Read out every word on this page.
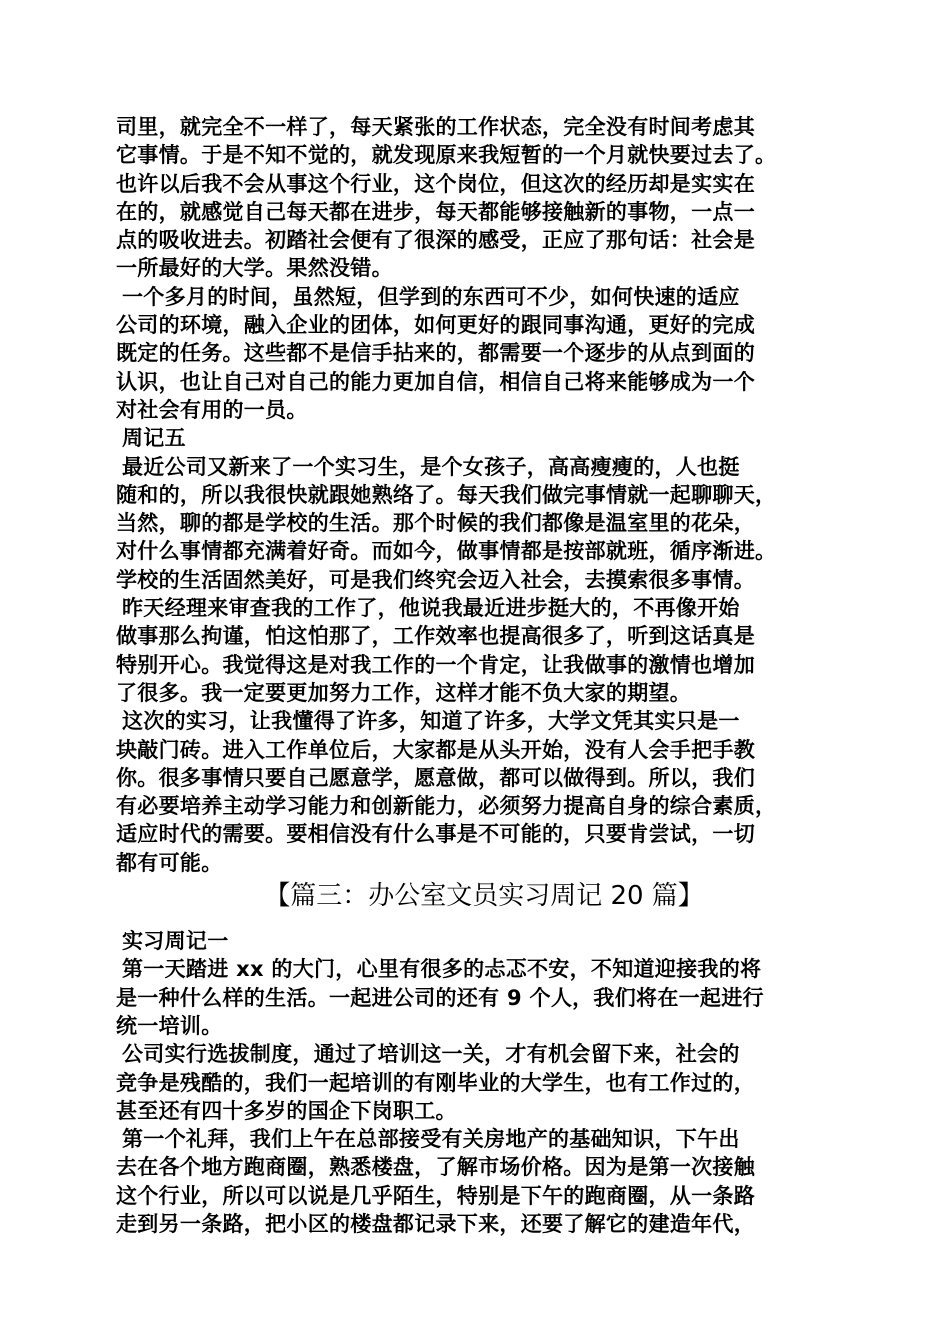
司里，就完全不一样了，每天紧张的工作状态，完全没有时间考虑其
它事情。于是不知不觉的，就发现原来我短暂的一个月就快要过去了。
也许以后我不会从事这个行业，这个岗位，但这次的经历却是实实在
在的，就感觉自己每天都在进步，每天都能够接触新的事物，一点一
点的吸收进去。初踏社会便有了很深的感受，正应了那句话：社会是
一所最好的大学。果然没错。
一个多月的时间，虽然短，但学到的东西可不少，如何快速的适应
公司的环境，融入企业的团体，如何更好的跟同事沟通，更好的完成
既定的任务。这些都不是信手拈来的，都需要一个逐步的从点到面的
认识，也让自己对自己的能力更加自信，相信自己将来能够成为一个
对社会有用的一员。
周记五
最近公司又新来了一个实习生，是个女孩子，高高瘦瘦的，人也挺
随和的，所以我很快就跟她熟络了。每天我们做完事情就一起聊聊天，
当然，聊的都是学校的生活。那个时候的我们都像是温室里的花朵，
对什么事情都充满着好奇。而如今，做事情都是按部就班，循序渐进。
学校的生活固然美好，可是我们终究会迈入社会，去摸索很多事情。
昨天经理来审查我的工作了，他说我最近进步挺大的，不再像开始
做事那么拘谨，怕这怕那了，工作效率也提高很多了，听到这话真是
特别开心。我觉得这是对我工作的一个肯定，让我做事的激情也增加
了很多。我一定要更加努力工作，这样才能不负大家的期望。
这次的实习，让我懂得了许多，知道了许多，大学文凭其实只是一
块敲门砖。进入工作单位后，大家都是从头开始，没有人会手把手教
你。很多事情只要自己愿意学，愿意做，都可以做得到。所以，我们
有必要培养主动学习能力和创新能力，必须努力提高自身的综合素质，
适应时代的需要。要相信没有什么事是不可能的，只要肯尝试，一切
都有可能。
【篇三：办公室文员实习周记 20 篇】
实习周记一
第一天踏进 xx 的大门，心里有很多的忐忑不安，不知道迎接我的将
是一种什么样的生活。一起进公司的还有 9 个人，我们将在一起进行
统一培训。
公司实行选拔制度，通过了培训这一关，才有机会留下来，社会的
竞争是残酷的，我们一起培训的有刚毕业的大学生，也有工作过的，
甚至还有四十多岁的国企下岗职工。
第一个礼拜，我们上午在总部接受有关房地产的基础知识，下午出
去在各个地方跑商圈，熟悉楼盘，了解市场价格。因为是第一次接触
这个行业，所以可以说是几乎陌生，特别是下午的跑商圈，从一条路
走到另一条路，把小区的楼盘都记录下来，还要了解它的建造年代，
